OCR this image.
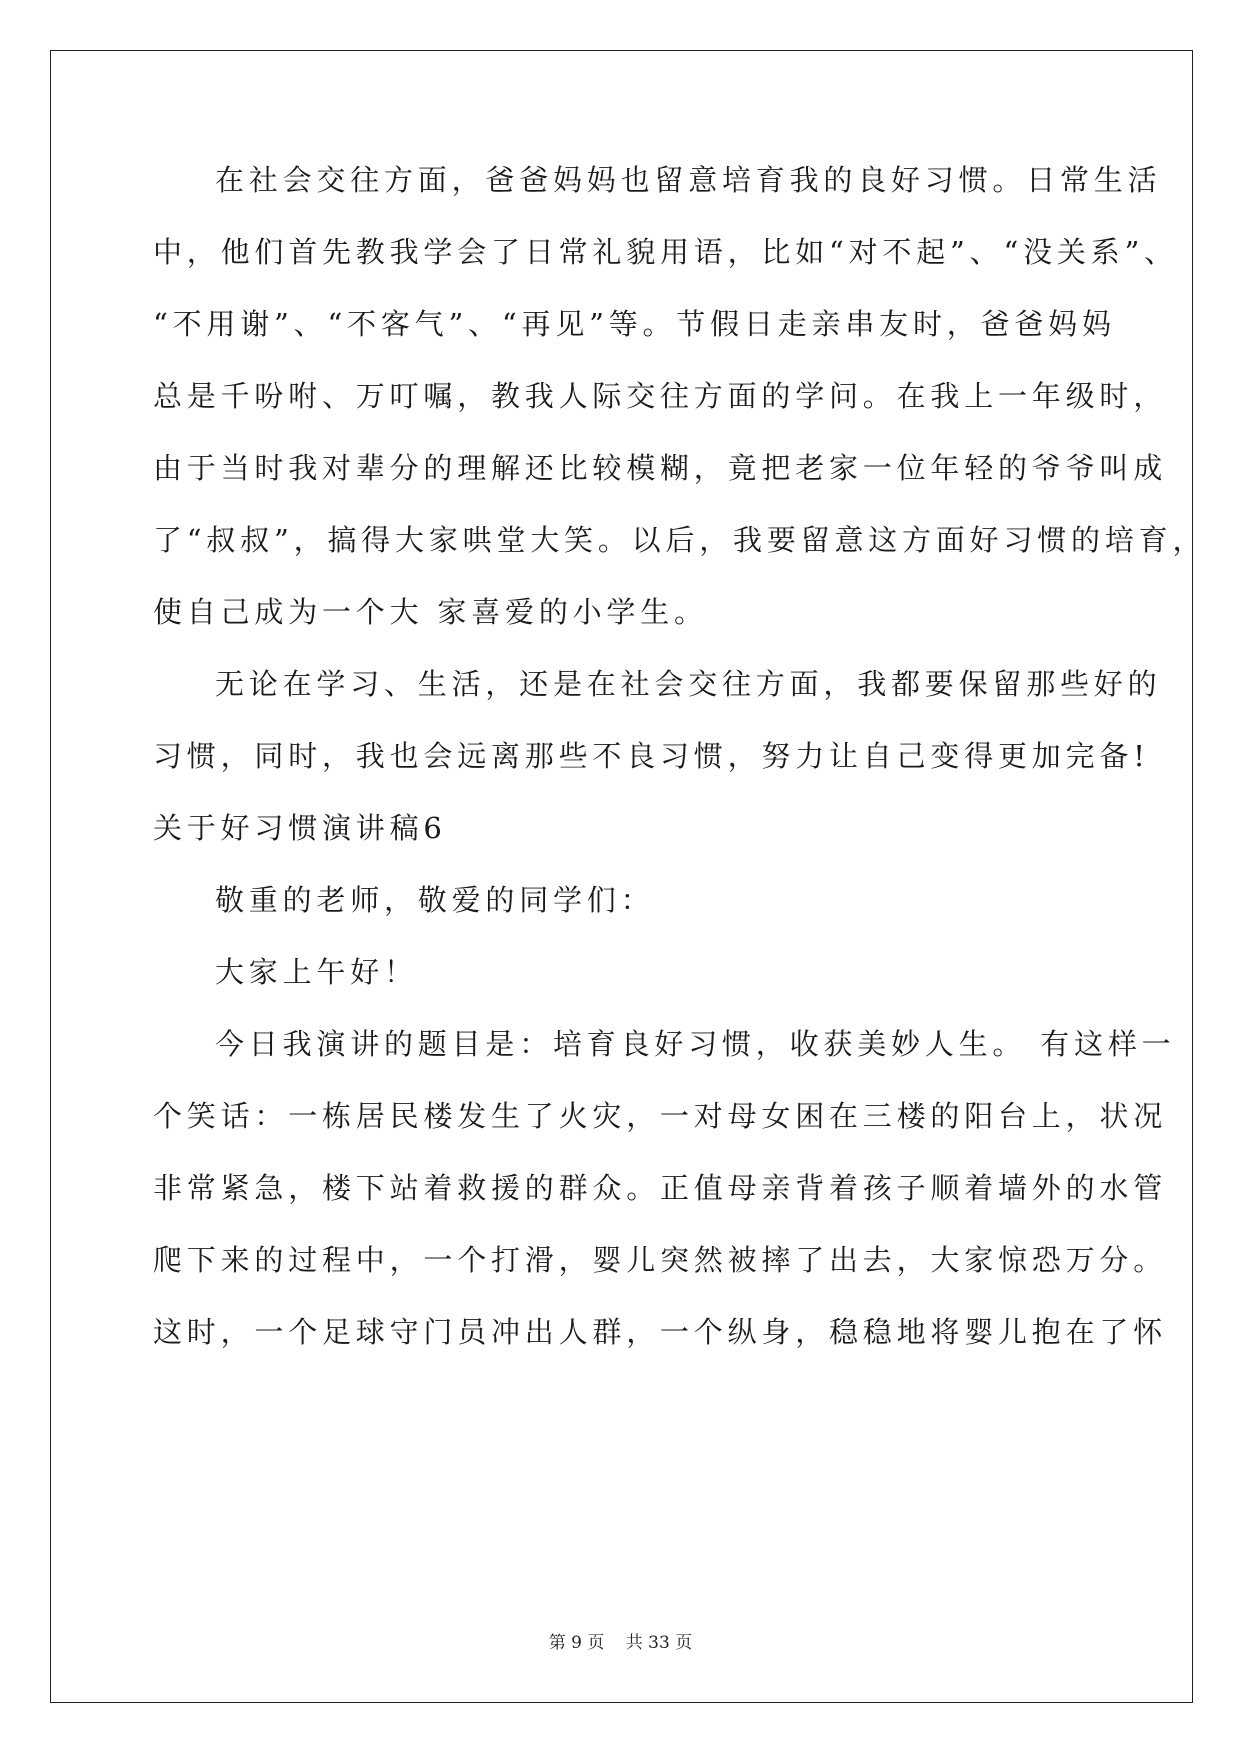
在社会交往方面，爸爸妈妈也留意培育我的良好习惯。日常生活
中，他们首先教我学会了日常礼貌用语，比如“对不起”、“没关系”、
“不用谢”、“不客气”、“再见”等。节假日走亲串友时，爸爸妈妈
总是千吩咐、万叮嘱，教我人际交往方面的学问。在我上一年级时，
由于当时我对辈分的理解还比较模糊，竟把老家一位年轻的爷爷叫成
了“叔叔”，搞得大家哄堂大笑。以后，我要留意这方面好习惯的培育，
使自己成为一个大 家喜爱的小学生。
无论在学习、生活，还是在社会交往方面，我都要保留那些好的
习惯，同时，我也会远离那些不良习惯，努力让自己变得更加完备!
关于好习惯演讲稿6
敬重的老师，敬爱的同学们：
大家上午好！
今日我演讲的题目是：培育良好习惯，收获美妙人生。 有这样一
个笑话：一栋居民楼发生了火灾，一对母女困在三楼的阳台上，状况
非常紧急，楼下站着救援的群众。正值母亲背着孩子顺着墙外的水管
爬下来的过程中，一个打滑，婴儿突然被摔了出去，大家惊恐万分。
这时，一个足球守门员冲出人群，一个纵身，稳稳地将婴儿抱在了怀
第 9 页 共 33 页
